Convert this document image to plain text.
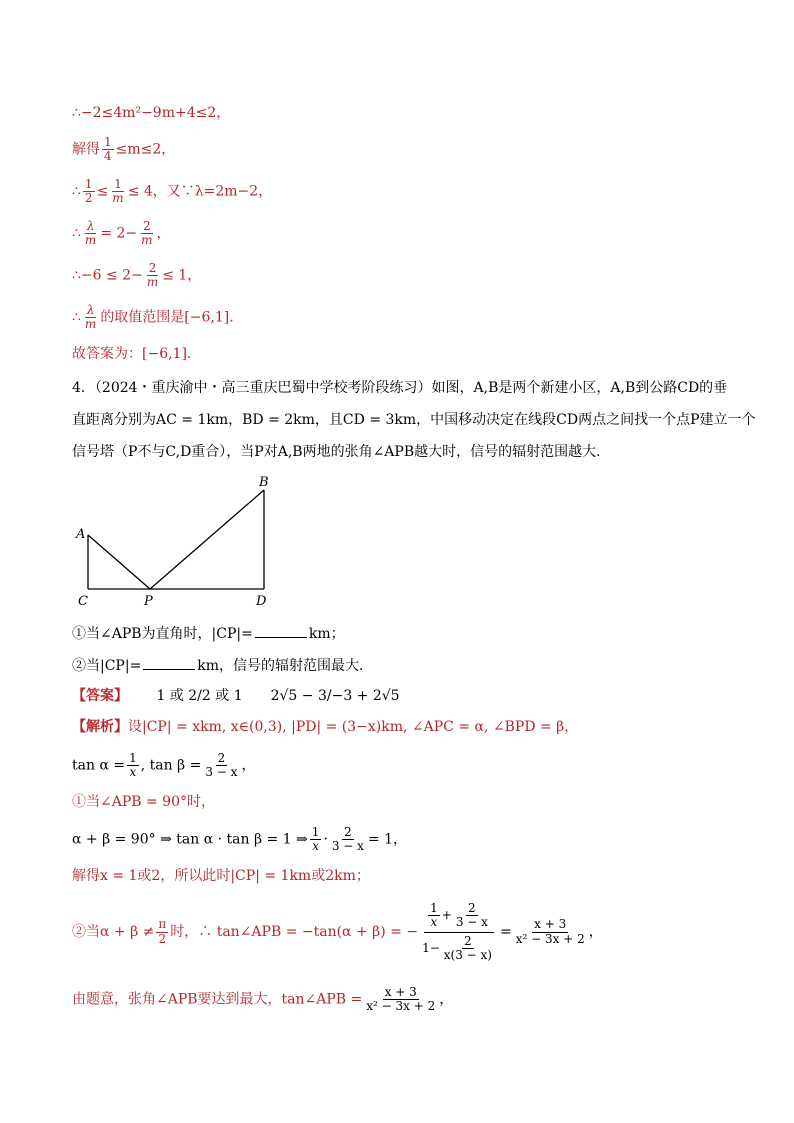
∴−2≤4m²−9m+4≤2，
解得 $\frac{1}{4} \le m\le 2$，
∴ $\frac{1}{2} \le \frac{1}{m} \le 4$，又∵λ=2m−2，
∴ $\frac{\lambda}{m} = 2- \frac{2}{m}$ ，
∴−6 ≤ $2- \frac{2}{m} \le 1$，
∴ $\frac{\lambda}{m}$ 的取值范围是[−6,1].
故答案为：[−6,1].
4．（2024・重庆渝中・高三重庆巴蜀中学校考阶段练习）如图，A,B是两个新建小区，A,B到公路CD的垂
直距离分别为AC = 1km，BD = 2km，且CD = 3km，中国移动决定在线段CD两点之间找一个点P建立一个
信号塔（P不与C,D重合），当P对A,B两地的张角∠APB越大时，信号的辐射范围越大．
A
B
C	P	D
①当∠APB为直角时，|CP|=	km；
②当|CP|=	km，信号的辐射范围最大．
【答案】 1 或 2/2 或 1　　2√5 − 3/−3 + 2√5
【解析】设|CP| = xkm, x∈(0,3), |PD| = (3−x)km, ∠APC = α, ∠BPD = β，
$\tan \alpha = \frac{1}{x}$ , $\tan \beta = \frac{2}{3 - x}$ ，
①当∠APB = 90°时，
α + β = 90° ⇒ tan α · tan β = 1 ⇒ $\frac{1}{x} \cdot \frac{2}{3 - x} = 1$，
解得x = 1或2，所以此时|CP| = 1km或2km；
②当$\alpha + \beta \ne \frac{\pi}{2}$ 时，∴ tan∠APB = −tan(α + β) = − $\frac{\frac{1}{x} + \frac{2}{3 - x}}{1- \frac{2}{x(3 - x)}} = \frac{x + 3}{\text{x² − 3x + 2}}$ ，
由题意，张角∠APB要达到最大，tan∠APB = $\frac{x + 3}{\text{x² − 3x + 2}}$ ，
